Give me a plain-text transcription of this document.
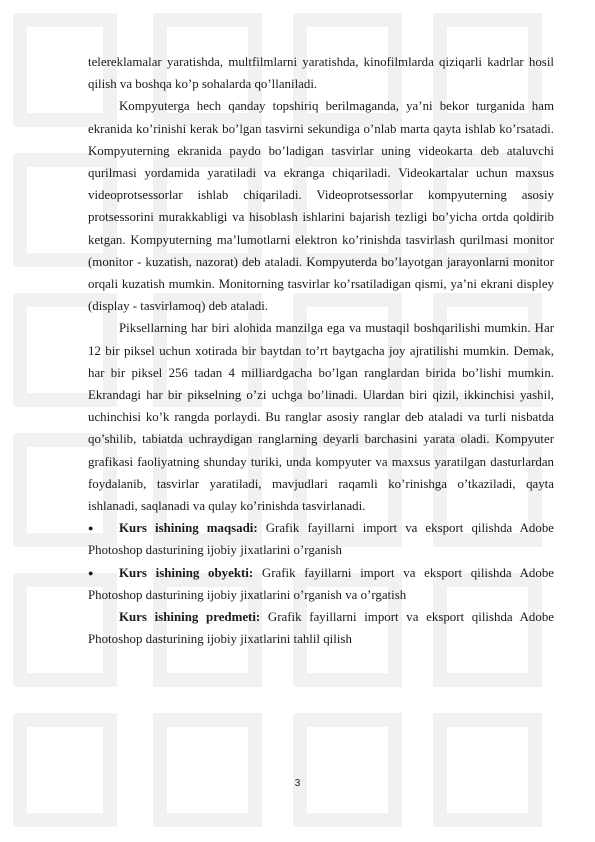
telereklamalar yaratishda, multfilmlarni yaratishda, kinofilmlarda qiziqarli kadrlar hosil qilish va boshqa ko’p sohalarda qo’llaniladi.

Kompyuterga hech qanday topshiriq berilmaganda, ya’ni bekor turganida ham ekranida ko’rinishi kerak bo’lgan tasvirni sekundiga o’nlab marta qayta ishlab ko’rsatadi. Kompyuterning ekranida paydo bo’ladigan tasvirlar uning videokarta deb ataluvchi qurilmasi yordamida yaratiladi va ekranga chiqariladi. Videokartalar uchun maxsus videoprotsessorlar ishlab chiqariladi. Videoprotsessorlar kompyuterning asosiy protsessorini murakkabligi va hisoblash ishlarini bajarish tezligi bo’yicha ortda qoldirib ketgan. Kompyuterning ma’lumotlarni elektron ko’rinishda tasvirlash qurilmasi monitor (monitor - kuzatish, nazorat) deb ataladi. Kompyuterda bo’layotgan jarayonlarni monitor orqali kuzatish mumkin. Monitorning tasvirlar ko’rsatiladigan qismi, ya’ni ekrani displey (display - tasvirlamoq) deb ataladi.

Piksellarning har biri alohida manzilga ega va mustaqil boshqarilishi mumkin. Har 12 bir piksel uchun xotirada bir baytdan to’rt baytgacha joy ajratilishi mumkin. Demak, har bir piksel 256 tadan 4 milliardgacha bo’lgan ranglardan birida bo’lishi mumkin. Ekrandagi har bir pikselning o’zi uchga bo’linadi. Ulardan biri qizil, ikkinchisi yashil, uchinchisi ko’k rangda porlaydi. Bu ranglar asosiy ranglar deb ataladi va turli nisbatda qo’shilib, tabiatda uchraydigan ranglarning deyarli barchasini yarata oladi. Kompyuter grafikasi faoliyatning shunday turiki, unda kompyuter va maxsus yaratilgan dasturlardan foydalanib, tasvirlar yaratiladi, mavjudlari raqamli ko’rinishga o’tkaziladi, qayta ishlanadi, saqlanadi va qulay ko’rinishda tasvirlanadi.

● Kurs ishining maqsadi: Grafik fayillarni import va eksport qilishda Adobe Photoshop dasturining ijobiy jixatlarini o’rganish

● Kurs ishining obyekti: Grafik fayillarni import va eksport qilishda Adobe Photoshop dasturining ijobiy jixatlarini o’rganish va o’rgatish

Kurs ishining predmeti: Grafik fayillarni import va eksport qilishda Adobe Photoshop dasturining ijobiy jixatlarini tahlil qilish

3
